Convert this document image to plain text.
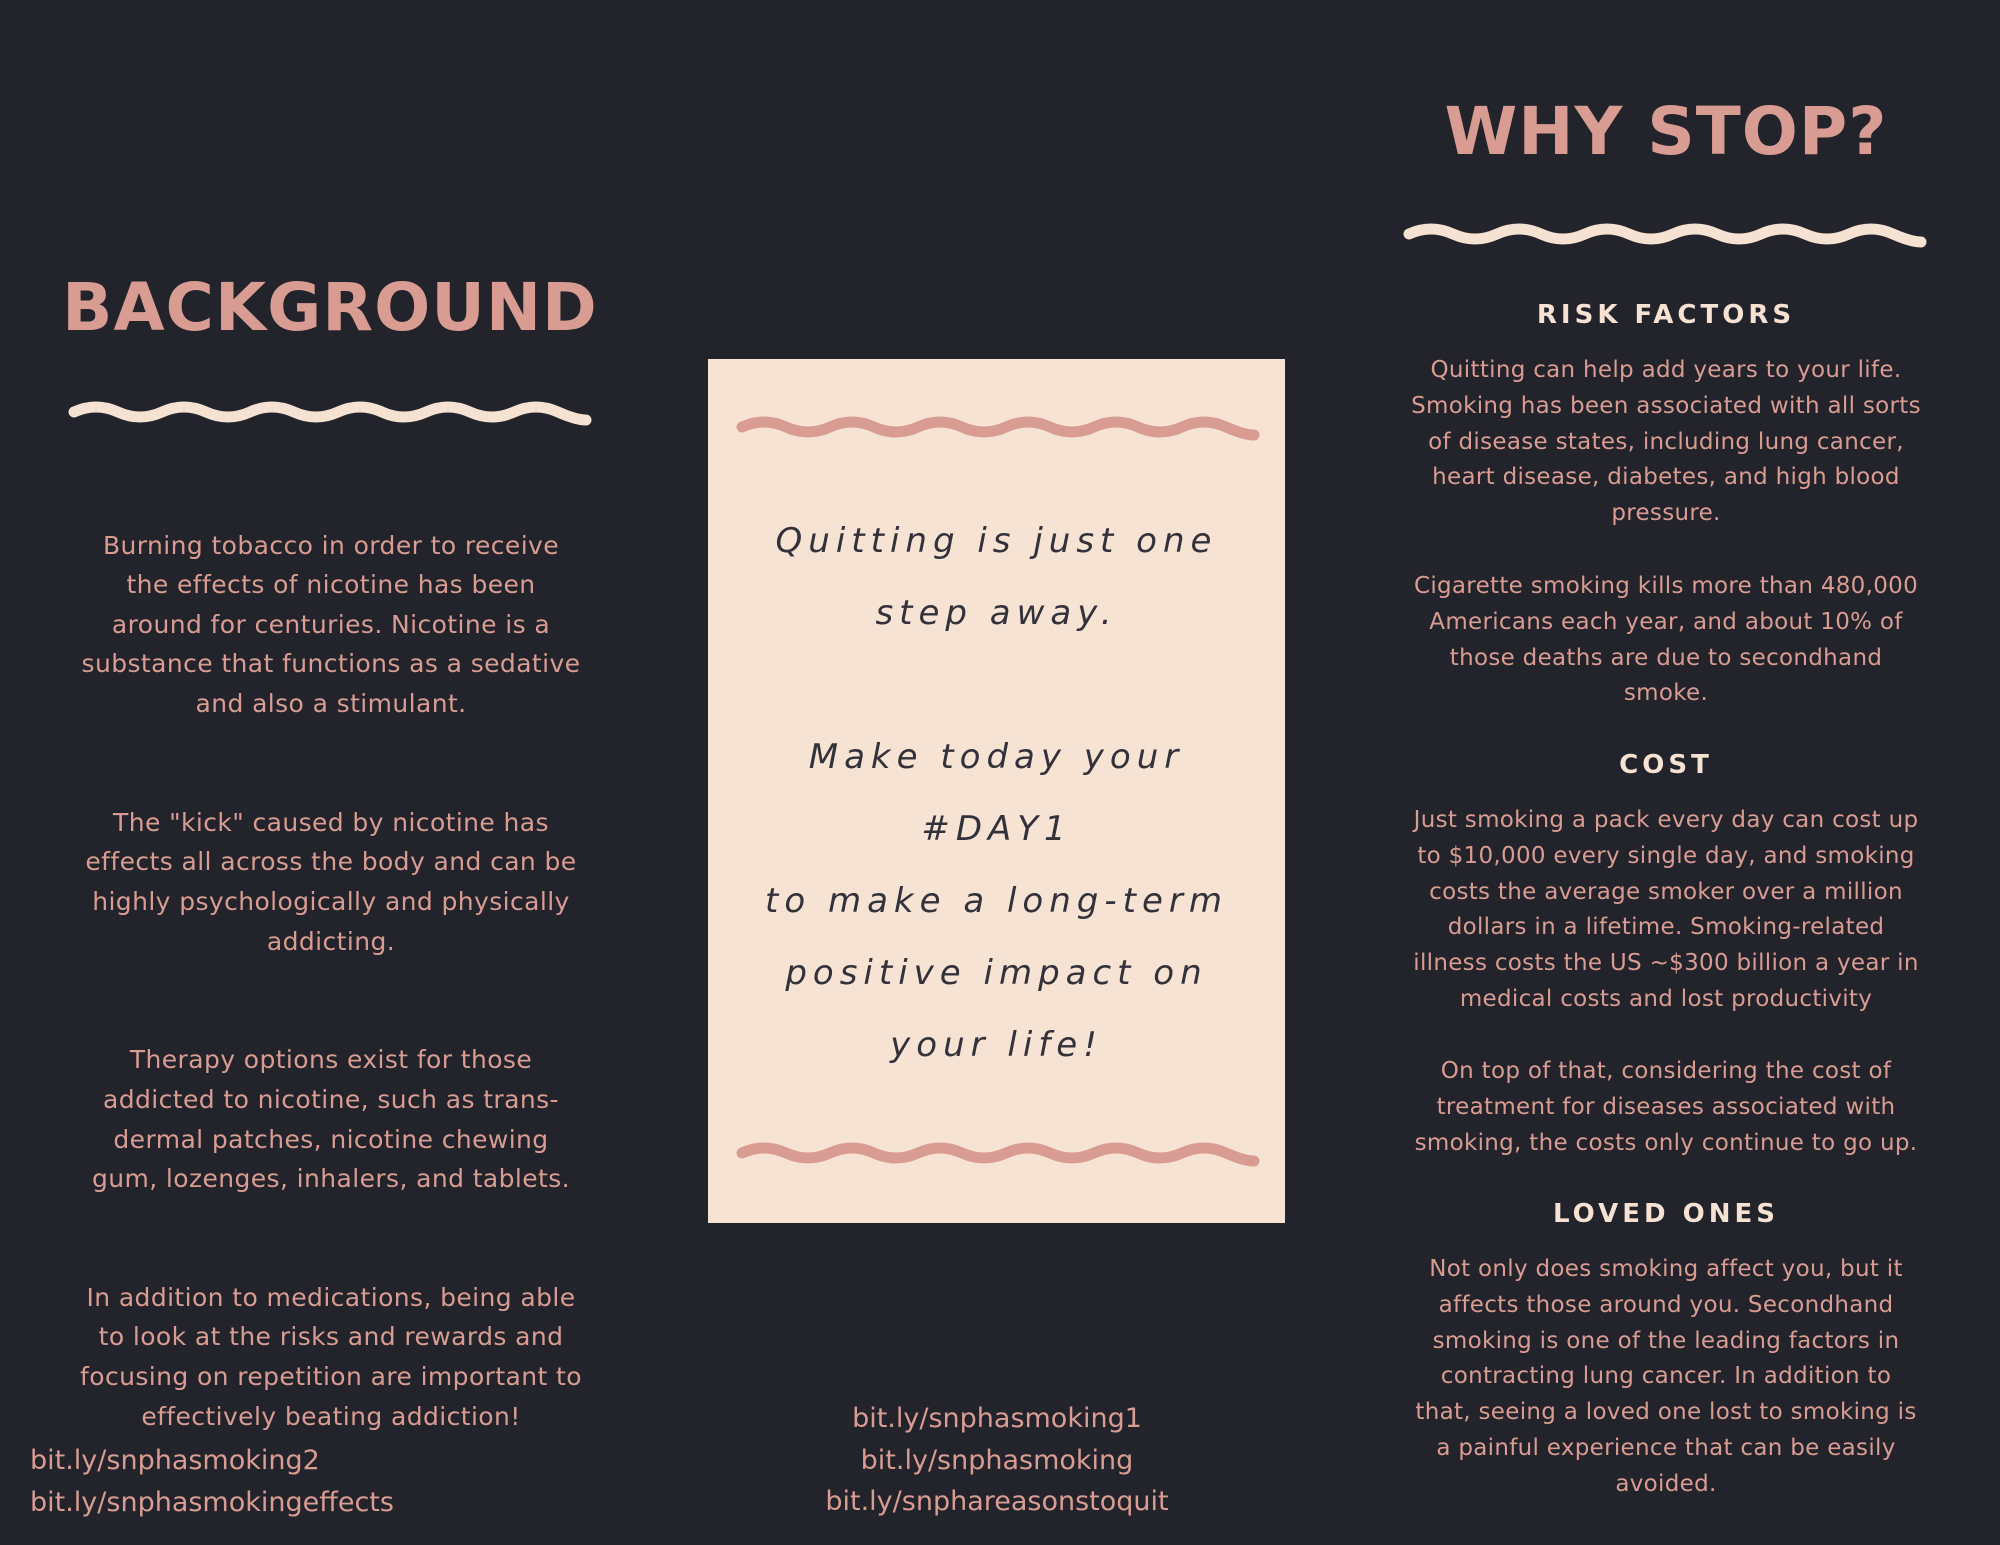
BACKGROUND

Burning tobacco in order to receive
the effects of nicotine has been
around for centuries. Nicotine is a
substance that functions as a sedative
and also a stimulant.

The "kick" caused by nicotine has
effects all across the body and can be
highly psychologically and physically
addicting.

Therapy options exist for those
addicted to nicotine, such as trans-
dermal patches, nicotine chewing
gum, lozenges, inhalers, and tablets.

In addition to medications, being able
to look at the risks and rewards and
focusing on repetition are important to
effectively beating addiction!

bit.ly/snphasmoking2
bit.ly/snphasmokingeffects

Quitting is just one
step away.

Make today your
#DAY1
to make a long-term
positive impact on
your life!

bit.ly/snphasmoking1
bit.ly/snphasmoking
bit.ly/snphareasonstoquit
WHY STOP?
RISK FACTORS

Quitting can help add years to your life.
Smoking has been associated with all sorts
of disease states, including lung cancer,
heart disease, diabetes, and high blood
pressure.

Cigarette smoking kills more than 480,000
Americans each year, and about 10% of
those deaths are due to secondhand
smoke.

COST

Just smoking a pack every day can cost up
to $10,000 every single day, and smoking
costs the average smoker over a million
dollars in a lifetime. Smoking-related
illness costs the US ~$300 billion a year in
medical costs and lost productivity

On top of that, considering the cost of
treatment for diseases associated with
smoking, the costs only continue to go up.

LOVED ONES

Not only does smoking affect you, but it
affects those around you. Secondhand
smoking is one of the leading factors in
contracting lung cancer. In addition to
that, seeing a loved one lost to smoking is
a painful experience that can be easily
avoided.
